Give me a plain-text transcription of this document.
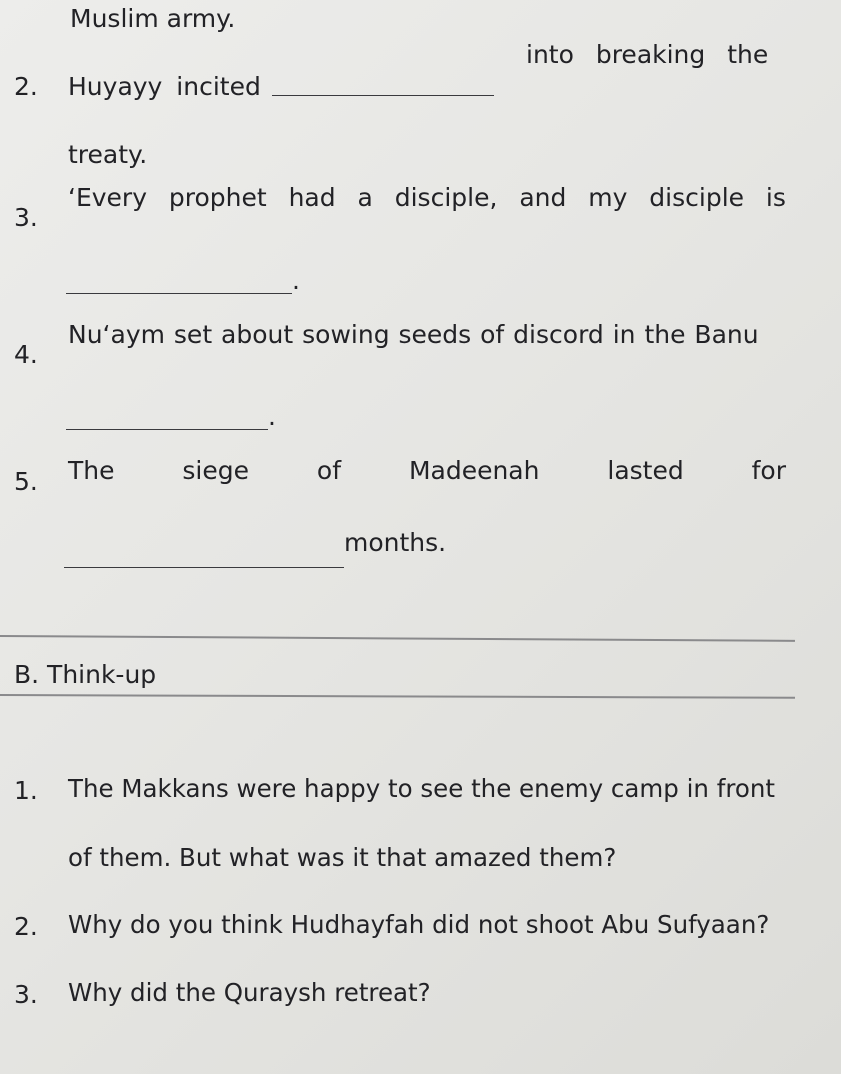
Muslim army.
2. Huyayy incited
into breaking the
treaty.
3.
‘Every prophet had a disciple, and my disciple is
.
4.
Nu‘aym set about sowing seeds of discord in the Banu
.
5. The	siege	of	Madeenah	lasted	for
months.
B. Think-up
1. The Makkans were happy to see the enemy camp in front
of them. But what was it that amazed them?
2. Why do you think Hudhayfah did not shoot Abu Sufyaan?
3. Why did the Quraysh retreat?
